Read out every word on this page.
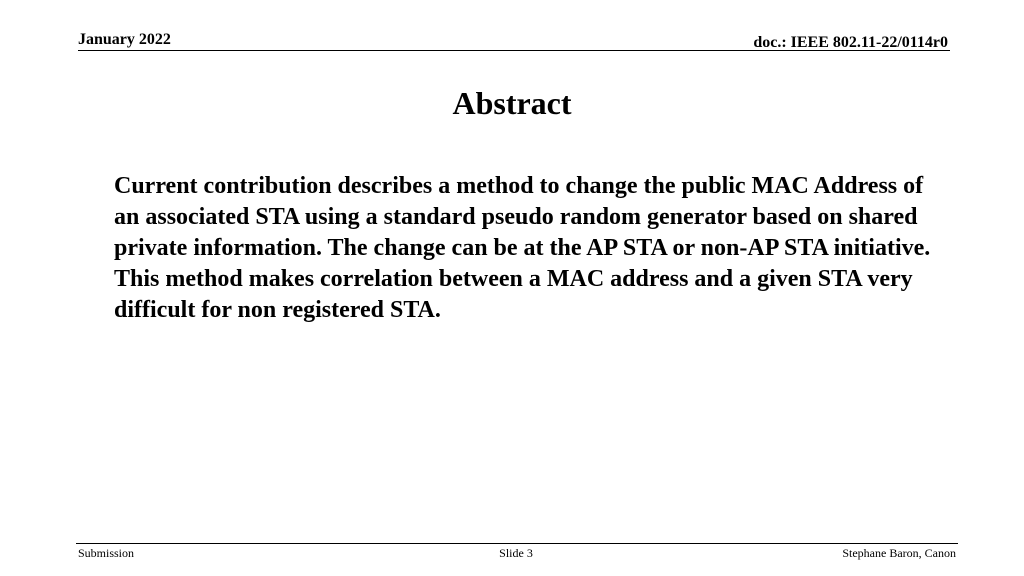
January 2022	doc.: IEEE 802.11-22/0114r0
Abstract

Current contribution describes a method to change the public MAC Address of an associated STA using a standard pseudo random generator based on shared private information. The change can be at the AP STA or non-AP STA initiative. This method makes correlation between a MAC address and a given STA very difficult for non registered STA.

Submission	Slide 3	Stephane Baron, Canon
